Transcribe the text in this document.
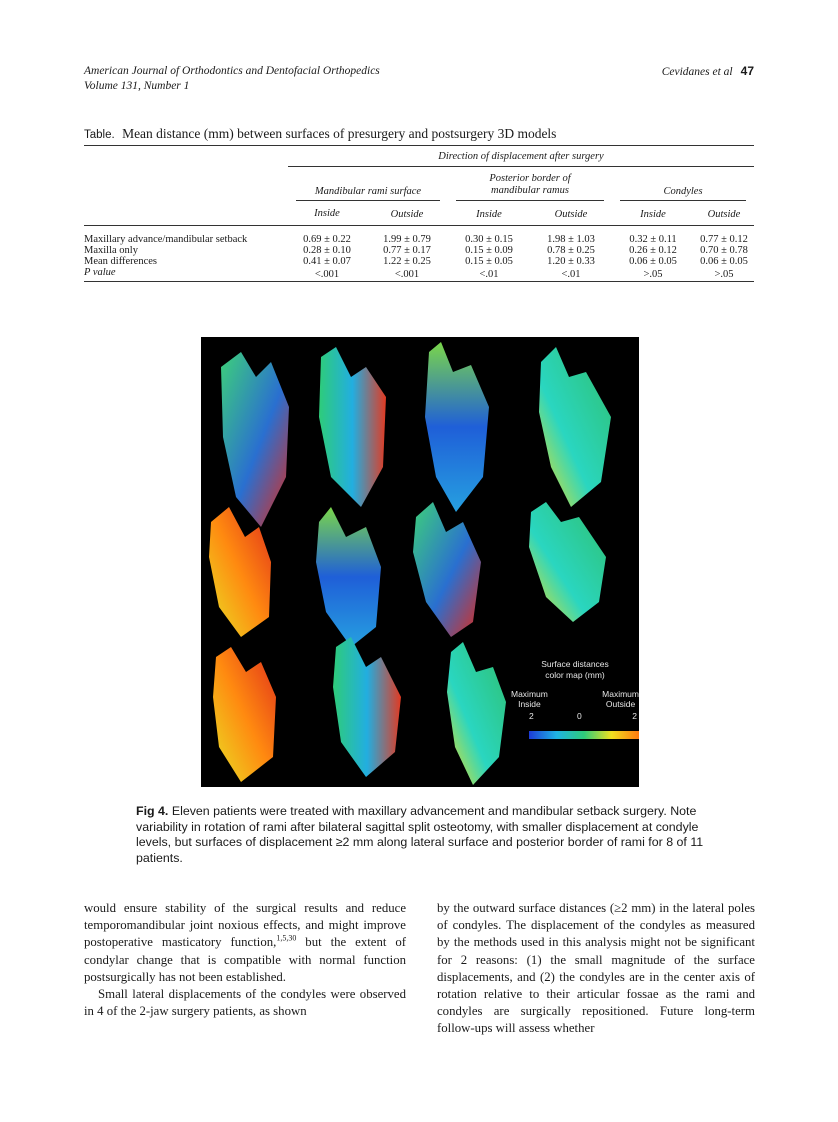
American Journal of Orthodontics and Dentofacial Orthopedics
Volume 131, Number 1
Cevidanes et al 47
Table. Mean distance (mm) between surfaces of presurgery and postsurgery 3D models
	Direction of displacement after surgery					

	Mandibular rami surface		Posterior border of mandibular ramus		Condyles	

	Inside	Outside	Inside	Outside	Inside	Outside
Maxillary advance/mandibular setback	0.69 ± 0.22	1.99 ± 0.79	0.30 ± 0.15	1.98 ± 1.03	0.32 ± 0.11	0.77 ± 0.12
Maxilla only	0.28 ± 0.10	0.77 ± 0.17	0.15 ± 0.09	0.78 ± 0.25	0.26 ± 0.12	0.70 ± 0.78
Mean differences	0.41 ± 0.07	1.22 ± 0.25	0.15 ± 0.05	1.20 ± 0.33	0.06 ± 0.05	0.06 ± 0.05
P value	<.001	<.001	<.01	<.01	>.05	>.05
Surface distances
color map (mm)
Maximum
Inside
Maximum
Outside
2	0	2
Fig 4. Eleven patients were treated with maxillary advancement and mandibular setback surgery. Note variability in rotation of rami after bilateral sagittal split osteotomy, with smaller displacement at condyle levels, but surfaces of displacement ≥2 mm along lateral surface and posterior border of rami for 8 of 11 patients.

would ensure stability of the surgical results and reduce temporomandibular joint noxious effects, and might improve postoperative masticatory function,$^{1,5,30}$ but the extent of condylar change that is compatible with normal function postsurgically has not been established.

Small lateral displacements of the condyles were observed in 4 of the 2-jaw surgery patients, as shown

by the outward surface distances (≥2 mm) in the lateral poles of condyles. The displacement of the condyles as measured by the methods used in this analysis might not be significant for 2 reasons: (1) the small magnitude of the surface displacements, and (2) the condyles are in the center axis of rotation relative to their articular fossae as the rami and condyles are surgically repositioned. Future long-term follow-ups will assess whether
